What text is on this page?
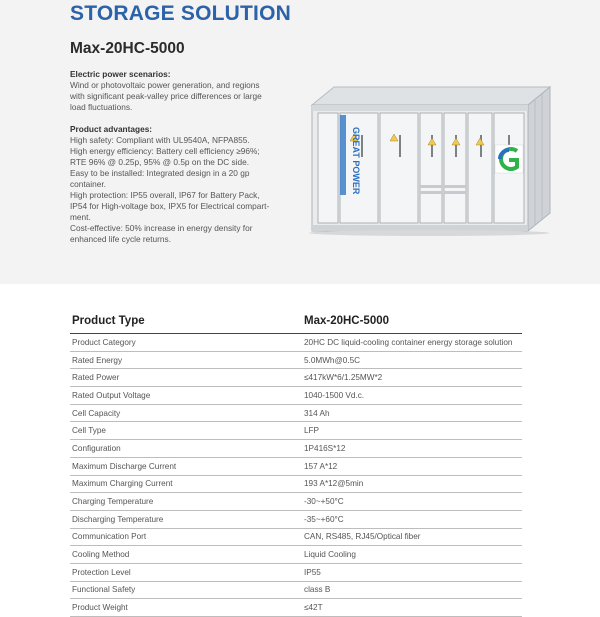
STORAGE SOLUTION
Max-20HC-5000

Electric power scenarios:

Wind or photovoltaic power generation, and regions with significant peak-valley price differences or large load fluctuations.

Product advantages:

High safety: Compliant with UL9540A, NFPA855.

High energy efficiency: Battery cell efficiency ≥96%; RTE 96% @ 0.25p, 95% @ 0.5p on the DC side.

Easy to be installed: Integrated design in a 20 gp container.

High protection: IP55 overall, IP67 for Battery Pack, IP54 for High-voltage box, IPX5 for Electrical compart-ment.

Cost-effective: 50% increase in energy density for enhanced life cycle returns.

GREAT POWER
G
Product Type	Max-20HC-5000
Product Category	20HC DC liquid-cooling container energy storage solution
Rated Energy	5.0MWh@0.5C
Rated Power	≤417kW*6/1.25MW*2
Rated Output Voltage	1040-1500 Vd.c.
Cell Capacity	314 Ah
Cell Type	LFP
Configuration	1P416S*12
Maximum Discharge Current	157 A*12
Maximum Charging Current	193 A*12@5min
Charging Temperature	-30~+50°C
Discharging Temperature	-35~+60°C
Communication Port	CAN, RS485, RJ45/Optical fiber
Cooling Method	Liquid Cooling
Protection Level	IP55
Functional Safety	class B
Product Weight	≤42T
